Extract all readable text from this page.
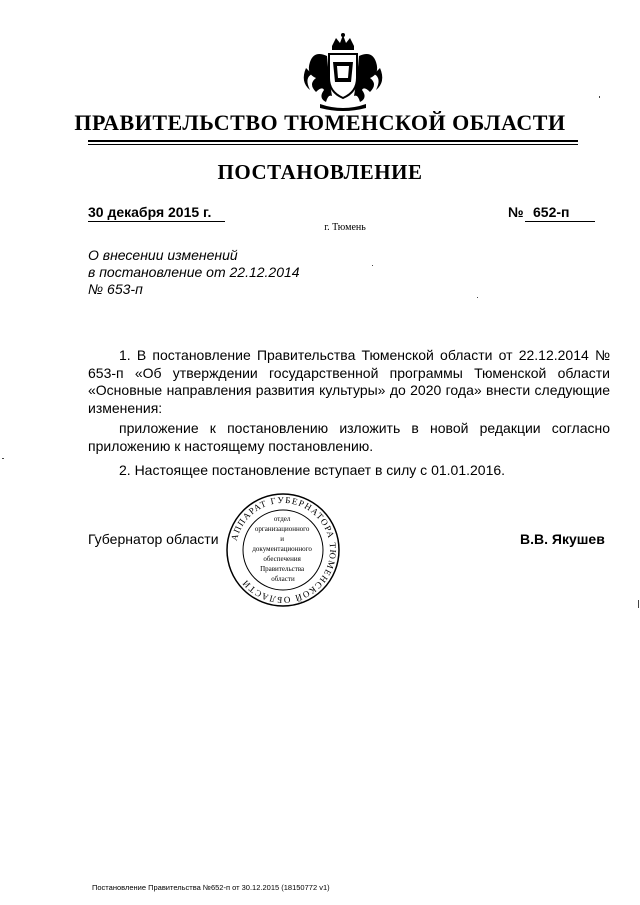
ПРАВИТЕЛЬСТВО ТЮМЕНСКОЙ ОБЛАСТИ
ПОСТАНОВЛЕНИЕ
30 декабря 2015 г.	№ 652-п
г. Тюмень
О внесении изменений
в постановление от 22.12.2014
№ 653-п

1. В постановление Правительства Тюменской области от 22.12.2014 № 653-п «Об утверждении государственной программы Тюменской области «Основные направления развития культуры» до 2020 года» внести следующие изменения:

приложение к постановлению изложить в новой редакции согласно приложению к настоящему постановлению.

2. Настоящее постановление вступает в силу с 01.01.2016.

Губернатор области	В.В. Якушев
АППАРАТ ГУБЕРНАТОРА ТЮМЕНСКОЙ ОБЛАСТИ
отдел организационного и документационного обеспечения Правительства области
Постановление Правительства №652-п от 30.12.2015 (18150772 v1)
